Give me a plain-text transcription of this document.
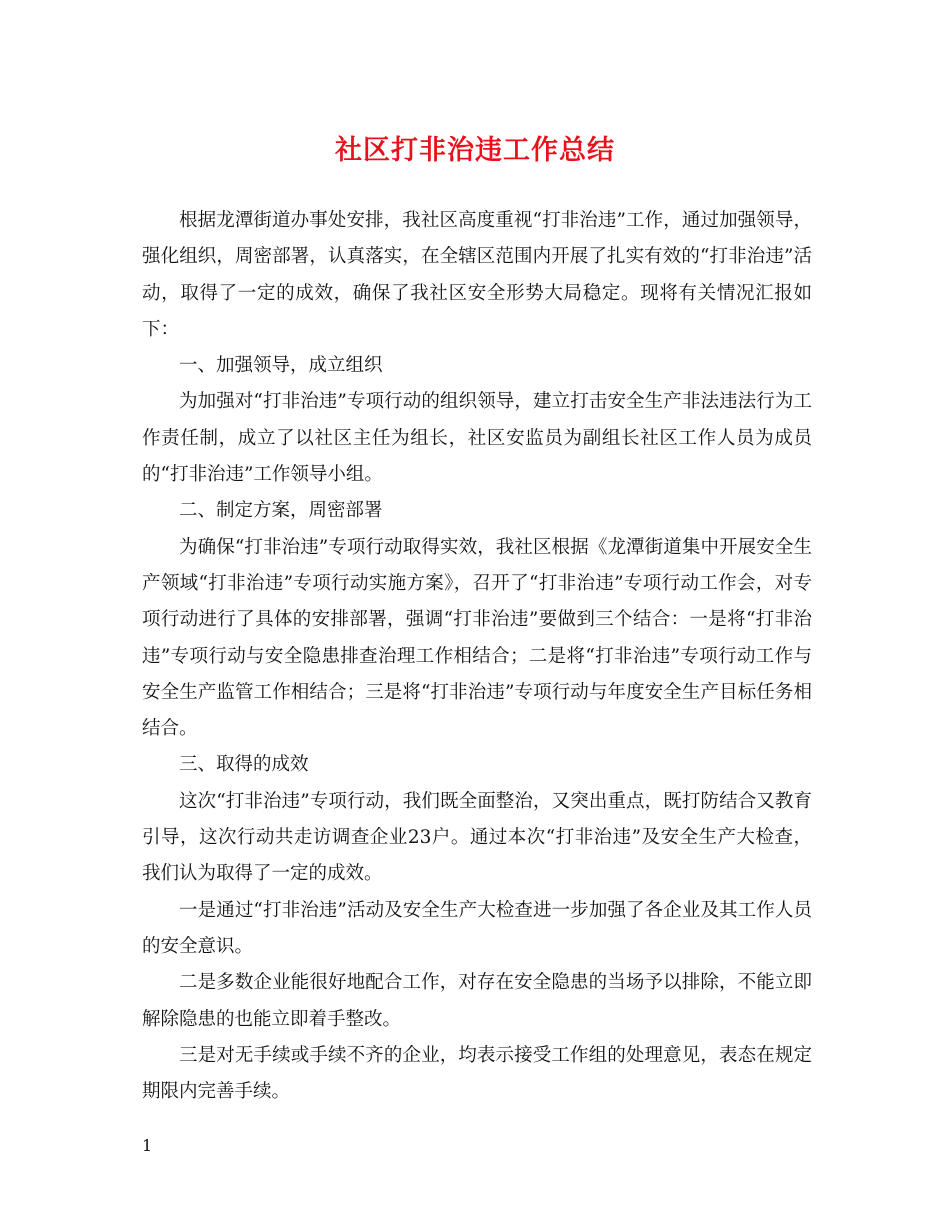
社区打非治违工作总结

根据龙潭街道办事处安排，我社区高度重视“打非治违”工作，通过加强领导，强化组织，周密部署，认真落实，在全辖区范围内开展了扎实有效的“打非治违”活动，取得了一定的成效，确保了我社区安全形势大局稳定。现将有关情况汇报如下：

一、加强领导，成立组织

为加强对“打非治违”专项行动的组织领导，建立打击安全生产非法违法行为工作责任制，成立了以社区主任为组长，社区安监员为副组长社区工作人员为成员的“打非治违”工作领导小组。

二、制定方案，周密部署

为确保“打非治违”专项行动取得实效，我社区根据《龙潭街道集中开展安全生产领域“打非治违”专项行动实施方案》，召开了“打非治违”专项行动工作会，对专项行动进行了具体的安排部署，强调“打非治违”要做到三个结合：一是将“打非治违”专项行动与安全隐患排查治理工作相结合；二是将“打非治违”专项行动工作与安全生产监管工作相结合；三是将“打非治违”专项行动与年度安全生产目标任务相结合。

三、取得的成效

这次“打非治违”专项行动，我们既全面整治，又突出重点，既打防结合又教育引导，这次行动共走访调查企业23户。通过本次“打非治违”及安全生产大检查，我们认为取得了一定的成效。

一是通过“打非治违”活动及安全生产大检查进一步加强了各企业及其工作人员的安全意识。

二是多数企业能很好地配合工作，对存在安全隐患的当场予以排除，不能立即解除隐患的也能立即着手整改。

三是对无手续或手续不齐的企业，均表示接受工作组的处理意见，表态在规定期限内完善手续。

1
